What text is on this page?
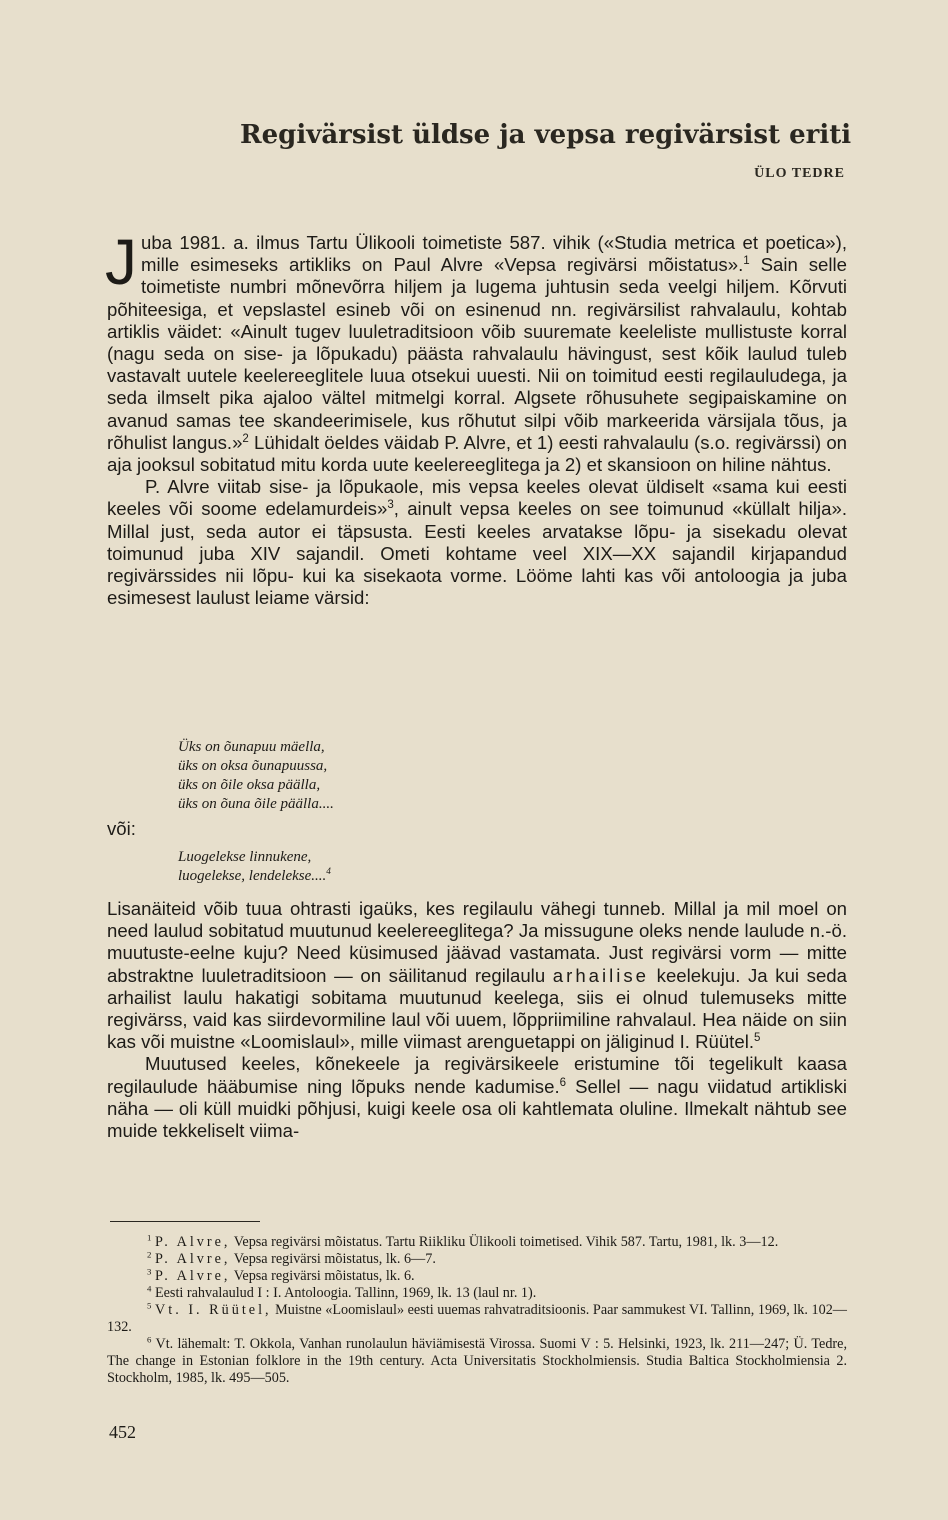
Regivärsist üldse ja vepsa regivärsist eriti
ÜLO TEDRE

Juba 1981. a. ilmus Tartu Ülikooli toimetiste 587. vihik («Studia metrica et poetica»), mille esimeseks artikliks on Paul Alvre «Vepsa regivärsi mõistatus».$^1$ Sain selle toimetiste numbri mõnevõrra hiljem ja lugema juhtusin seda veelgi hiljem. Kõrvuti põhiteesiga, et vepslastel esineb või on esinenud nn. regivärsilist rahvalaulu, kohtab artiklis väidet: «Ainult tugev luuletraditsioon võib suuremate keeleliste mullistuste korral (nagu seda on sise- ja lõpukadu) päästa rahvalaulu hävingust, sest kõik laulud tuleb vastavalt uutele keelereeglitele luua otsekui uuesti. Nii on toimitud eesti regilauludega, ja seda ilmselt pika ajaloo vältel mitmelgi korral. Algsete rõhusuhete segipaiskamine on avanud samas tee skandeerimisele, kus rõhutut silpi võib markeerida värsijala tõus, ja rõhulist langus.»$^2$ Lühidalt öeldes väidab P. Alvre, et 1) eesti rahvalaulu (s.o. regivärssi) on aja jooksul sobitatud mitu korda uute keelereeglitega ja 2) et skansioon on hiline nähtus.

P. Alvre viitab sise- ja lõpukaole, mis vepsa keeles olevat üldiselt «sama kui eesti keeles või soome edelamurdeis»$^3$, ainult vepsa keeles on see toimunud «küllalt hilja». Millal just, seda autor ei täpsusta. Eesti keeles arvatakse lõpu- ja sisekadu olevat toimunud juba XIV sajandil. Ometi kohtame veel XIX—XX sajandil kirjapandud regivärssides nii lõpu- kui ka sisekaota vorme. Lööme lahti kas või antoloogia ja juba esimesest laulust leiame värsid:

Üks on õunapuu mäella,

üks on oksa õunapuussa,

üks on õile oksa päälla,

üks on õuna õile päälla....

või:

Luogelekse linnukene,

luogelekse, lendelekse....$^4$

Lisanäiteid võib tuua ohtrasti igaüks, kes regilaulu vähegi tunneb. Millal ja mil moel on need laulud sobitatud muutunud keelereeglitega? Ja missugune oleks nende laulude n.-ö. muutuste-eelne kuju? Need küsimused jäävad vastamata. Just regivärsi vorm — mitte abstraktne luuletraditsioon — on säilitanud regilaulu arhailise keelekuju. Ja kui seda arhailist laulu hakatigi sobitama muutunud keelega, siis ei olnud tulemuseks mitte regivärss, vaid kas siirdevormiline laul või uuem, lõppriimiline rahvalaul. Hea näide on siin kas või muistne «Loomislaul», mille viimast arenguetappi on jäliginud I. Rüütel.$^5$

Muutused keeles, kõnekeele ja regivärsikeele eristumine tõi tegelikult kaasa regilaulude hääbumise ning lõpuks nende kadumise.$^6$ Sellel — nagu viidatud artikliski näha — oli küll muidki põhjusi, kuigi keele osa oli kahtlemata oluline. Ilmekalt nähtub see muide tekkeliselt viima-

$^1$ P. Alvre, Vepsa regivärsi mõistatus. Tartu Riikliku Ülikooli toimetised. Vihik 587. Tartu, 1981, lk. 3—12.

$^2$ P. Alvre, Vepsa regivärsi mõistatus, lk. 6—7.

$^3$ P. Alvre, Vepsa regivärsi mõistatus, lk. 6.

$^4$ Eesti rahvalaulud I : I. Antoloogia. Tallinn, 1969, lk. 13 (laul nr. 1).

$^5$ Vt. I. Rüütel, Muistne «Loomislaul» eesti uuemas rahvatraditsioonis. Paar sammukest VI. Tallinn, 1969, lk. 102—132.

$^6$ Vt. lähemalt: T. Okkola, Vanhan runolaulun häviämisestä Virossa. Suomi V : 5. Helsinki, 1923, lk. 211—247; Ü. Tedre, The change in Estonian folklore in the 19th century. Acta Universitatis Stockholmiensis. Studia Baltica Stockholmiensia 2. Stockholm, 1985, lk. 495—505.

452
